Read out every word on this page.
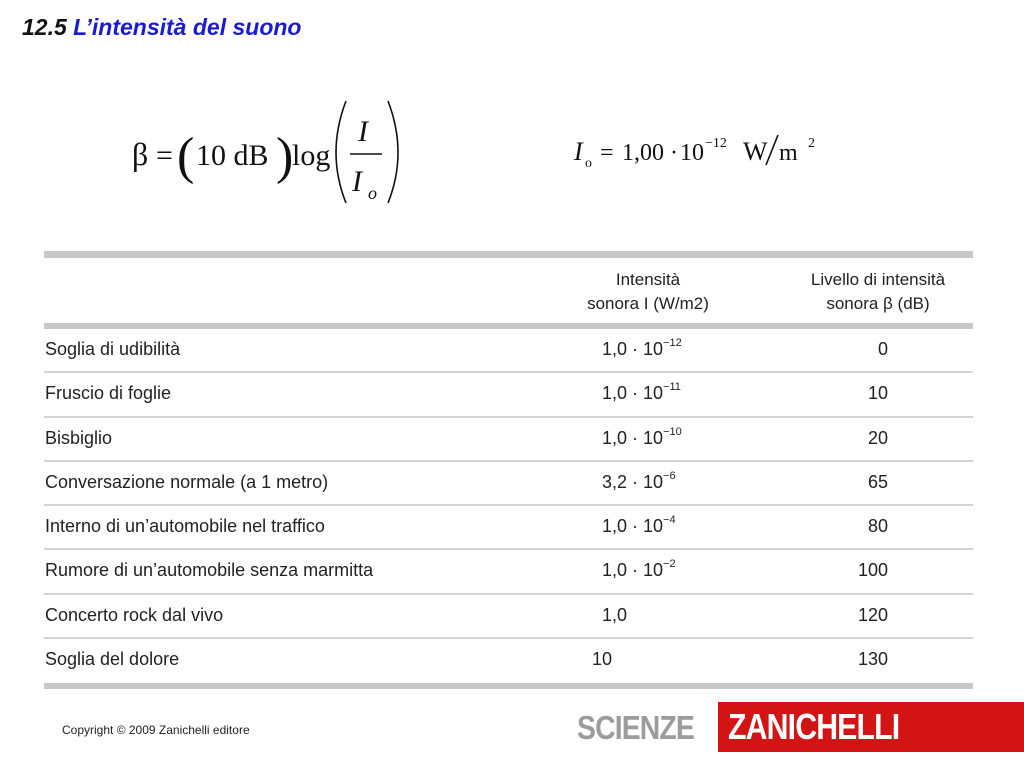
12.5 L’intensità del suono
β = ( 10 dB )
log
I
I o
I o = 1,00 · 10 −12 W m 2
Intensità
sonora I (W/m2)
Livello di intensità
sonora β (dB)
Soglia di udibilità	$1,0 \cdot 10^{-12}$	0
Fruscio di foglie	$1,0 \cdot 10^{-11}$	10
Bisbiglio	$1,0 \cdot 10^{-10}$	20
Conversazione normale (a 1 metro)	$3,2 \cdot 10^{-6}$	65
Interno di un’automobile nel traffico	$1,0 \cdot 10^{-4}$	80
Rumore di un’automobile senza marmitta	$1,0 \cdot 10^{-2}$	100
Concerto rock dal vivo	1,0	120
Soglia del dolore	10	130
Copyright © 2009 Zanichelli editore	SCIENZE ZANICHELLI
